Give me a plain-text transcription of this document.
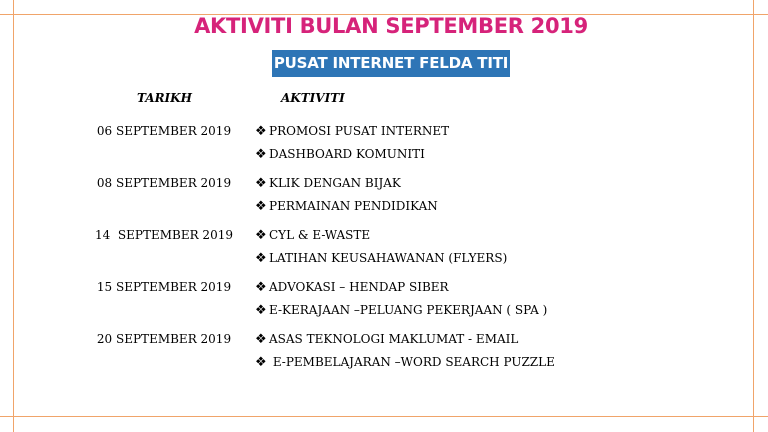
AKTIVITI BULAN SEPTEMBER 2019
PUSAT INTERNET FELDA TITI
TARIKH	AKTIVITI
06 SEPTEMBER 2019 ❖ PROMOSI PUSAT INTERNET
❖ DASHBOARD KOMUNITI
08 SEPTEMBER 2019 ❖ KLIK DENGAN BIJAK
❖ PERMAINAN PENDIDIKAN
14  SEPTEMBER 2019 ❖ CYL & E-WASTE
❖ LATIHAN KEUSAHAWANAN (FLYERS)
15 SEPTEMBER 2019 ❖ ADVOKASI – HENDAP SIBER
❖ E-KERAJAAN –PELUANG PEKERJAAN ( SPA )
20 SEPTEMBER 2019 ❖ ASAS TEKNOLOGI MAKLUMAT - EMAIL
❖ E-PEMBELAJARAN –WORD SEARCH PUZZLE
